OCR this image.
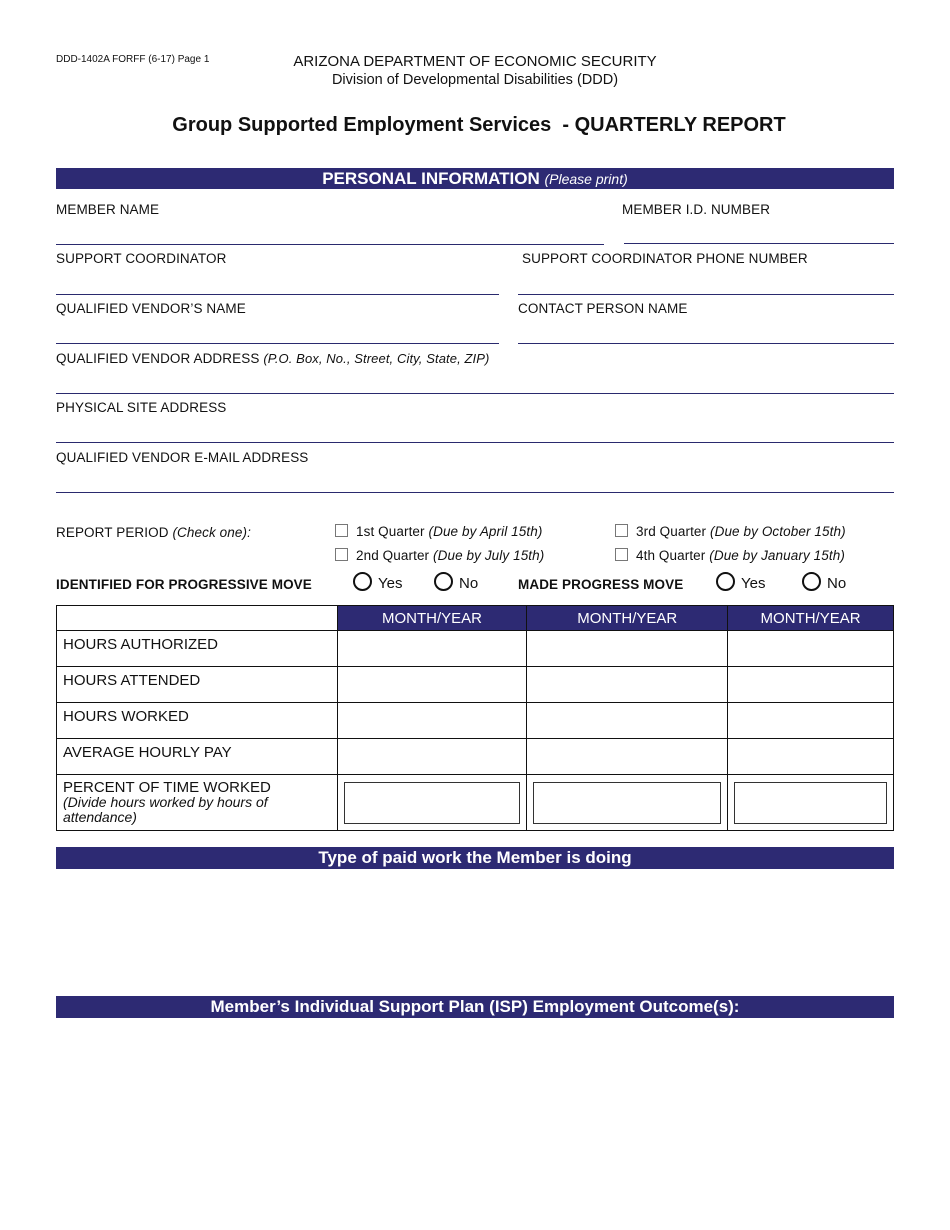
DDD-1402A FORFF (6-17) Page 1	ARIZONA DEPARTMENT OF ECONOMIC SECURITY
Division of Developmental Disabilities (DDD)
Group Supported Employment Services  - QUARTERLY REPORT
PERSONAL INFORMATION (Please print)
MEMBER NAME	MEMBER I.D. NUMBER
SUPPORT COORDINATOR	SUPPORT COORDINATOR PHONE NUMBER
QUALIFIED VENDOR’S NAME	CONTACT PERSON NAME
QUALIFIED VENDOR ADDRESS (P.O. Box, No., Street, City, State, ZIP)
PHYSICAL SITE ADDRESS
QUALIFIED VENDOR E-MAIL ADDRESS
REPORT PERIOD (Check one):	1st Quarter (Due by April 15th)
2nd Quarter (Due by July 15th)
3rd Quarter (Due by October 15th)
4th Quarter (Due by January 15th)
IDENTIFIED FOR PROGRESSIVE MOVE	Yes	No	MADE PROGRESS MOVE	Yes	No
	MONTH/YEAR	MONTH/YEAR	MONTH/YEAR
HOURS AUTHORIZED			
HOURS ATTENDED			
HOURS WORKED			
AVERAGE HOURLY PAY			

PERCENT OF TIME WORKED
(Divide hours worked by hours of attendance)	

Type of paid work the Member is doing
Member’s Individual Support Plan (ISP) Employment Outcome(s):
